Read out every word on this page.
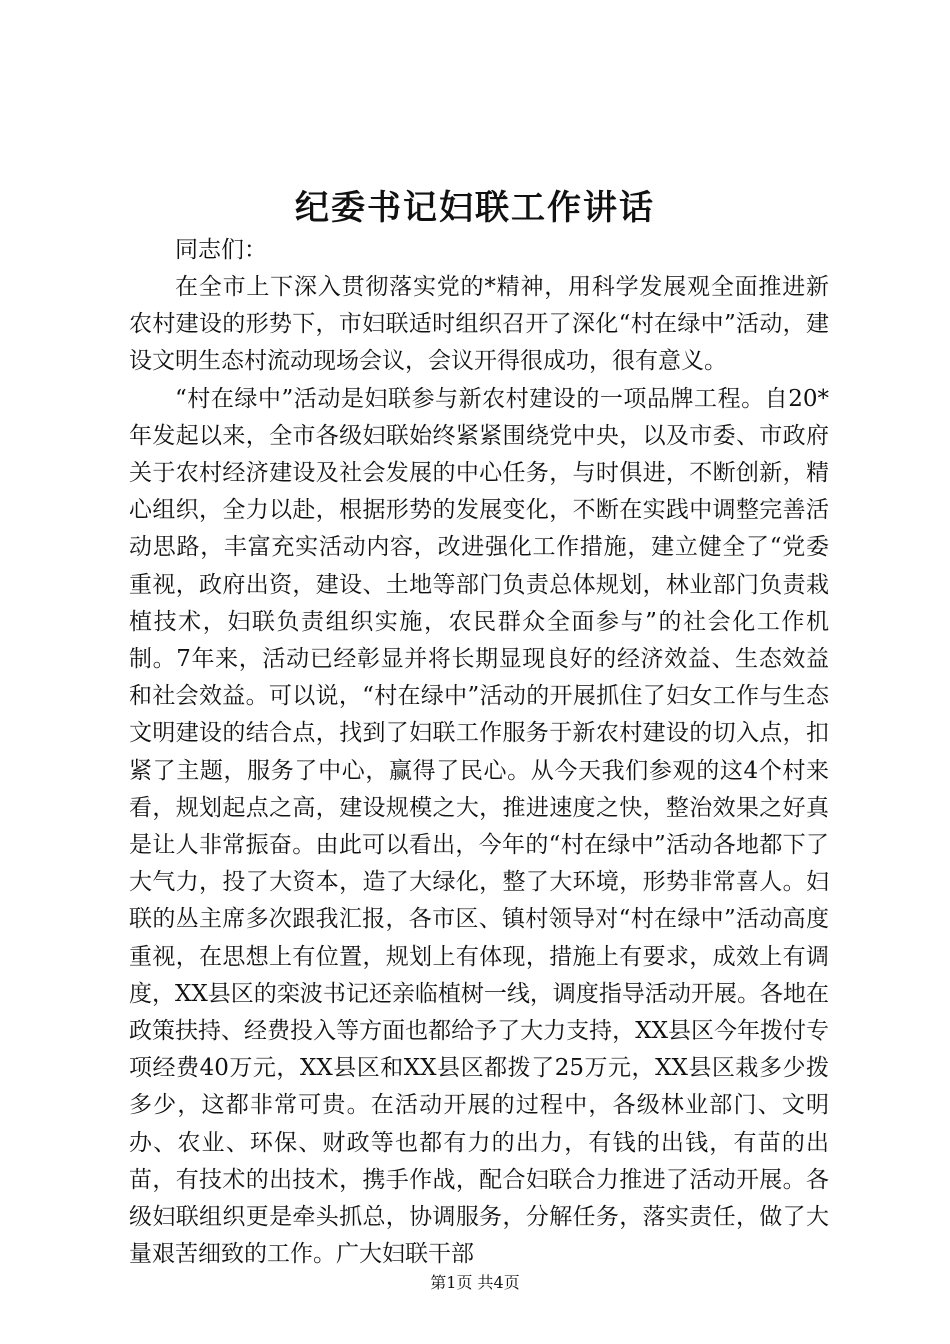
纪委书记妇联工作讲话

同志们：

在全市上下深入贯彻落实党的*精神，用科学发展观全面推进新农村建设的形势下，市妇联适时组织召开了深化“村在绿中”活动，建设文明生态村流动现场会议，会议开得很成功，很有意义。

“村在绿中”活动是妇联参与新农村建设的一项品牌工程。自20*年发起以来，全市各级妇联始终紧紧围绕党中央，以及市委、市政府关于农村经济建设及社会发展的中心任务，与时俱进，不断创新，精心组织，全力以赴，根据形势的发展变化，不断在实践中调整完善活动思路，丰富充实活动内容，改进强化工作措施，建立健全了“党委重视，政府出资，建设、土地等部门负责总体规划，林业部门负责栽植技术，妇联负责组织实施，农民群众全面参与”的社会化工作机制。7年来，活动已经彰显并将长期显现良好的经济效益、生态效益和社会效益。可以说，“村在绿中”活动的开展抓住了妇女工作与生态文明建设的结合点，找到了妇联工作服务于新农村建设的切入点，扣紧了主题，服务了中心，赢得了民心。从今天我们参观的这4个村来看，规划起点之高，建设规模之大，推进速度之快，整治效果之好真是让人非常振奋。由此可以看出，今年的“村在绿中”活动各地都下了大气力，投了大资本，造了大绿化，整了大环境，形势非常喜人。妇联的丛主席多次跟我汇报，各市区、镇村领导对“村在绿中”活动高度重视，在思想上有位置，规划上有体现，措施上有要求，成效上有调度，XX县区的栾波书记还亲临植树一线，调度指导活动开展。各地在政策扶持、经费投入等方面也都给予了大力支持，XX县区今年拨付专项经费40万元，XX县区和XX县区都拨了25万元，XX县区栽多少拨多少，这都非常可贵。在活动开展的过程中，各级林业部门、文明办、农业、环保、财政等也都有力的出力，有钱的出钱，有苗的出苗，有技术的出技术，携手作战，配合妇联合力推进了活动开展。各级妇联组织更是牵头抓总，协调服务，分解任务，落实责任，做了大量艰苦细致的工作。广大妇联干部

第1页 共4页
